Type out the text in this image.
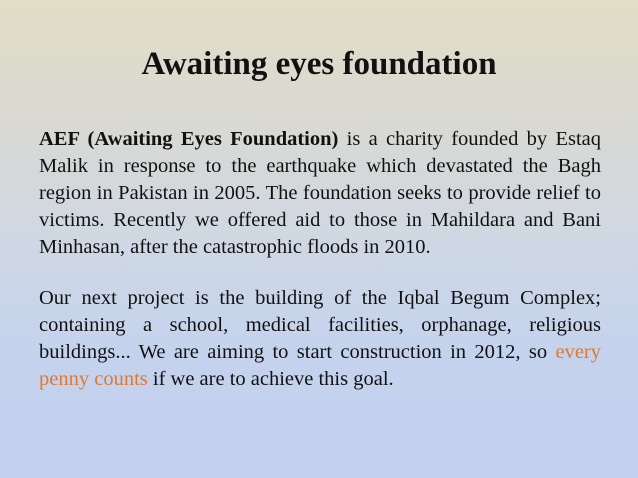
Awaiting eyes foundation

AEF (Awaiting Eyes Foundation) is a charity founded by Estaq Malik in response to the earthquake which devastated the Bagh region in Pakistan in 2005. The foundation seeks to provide relief to victims. Recently we offered aid to those in Mahildara and Bani Minhasan, after the catastrophic floods in 2010.

Our next project is the building of the Iqbal Begum Complex; containing a school, medical facilities, orphanage, religious buildings... We are aiming to start construction in 2012, so every penny counts if we are to achieve this goal.
